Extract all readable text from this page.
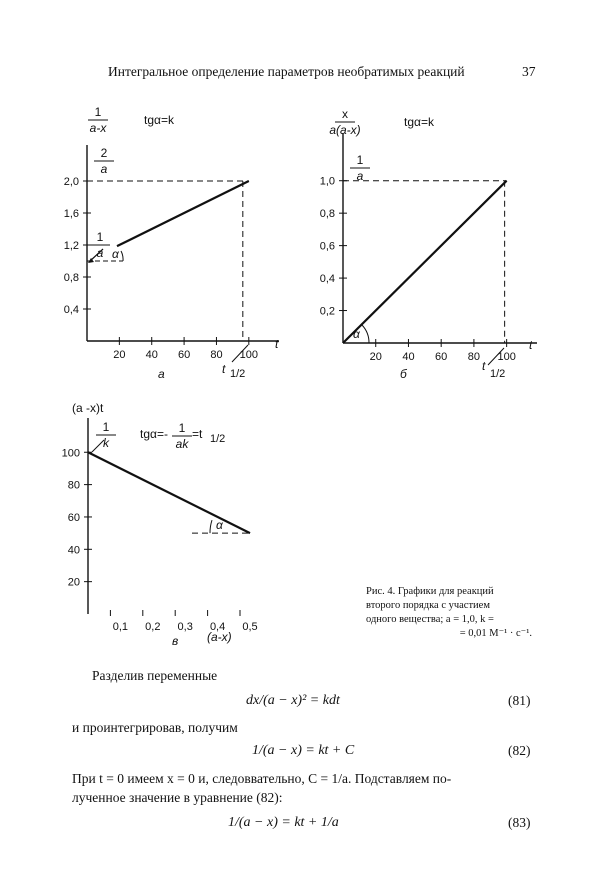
Интегральное определение параметров необратимых реакций	37
0,4
0,8
1,2
1,6
2,0
20 40 60 80 100
α
1
a-x
2
a
1
a
tgα=k
t
t 1/2
а
0,2
0,4
0,6
0,8
1,0
20 40 60 80 100
α
x
a(a-x)
1
a
tgα=k
t
t
1/2
б
20
40
60
80
100
0,1 0,2 0,3 0,4 0,5
α
(a -x)t
1
k
tgα=- 1
ak
=t 1/2
(a-x)
в
Рис. 4. Графики для реакций
второго порядка с участием
одного вещества; a = 1,0, k =
= 0,01 М⁻¹ · с⁻¹.
Разделив переменные
dx/(a − x)² = kdt	(81)
и проинтегрировав, получим
1/(a − x) = kt + C	(82)
При t = 0 имеем x = 0 и, следоввательно, C = 1/a. Подставляем по-
лученное значение в уравнение (82):
1/(a − x) = kt + 1/a	(83)
